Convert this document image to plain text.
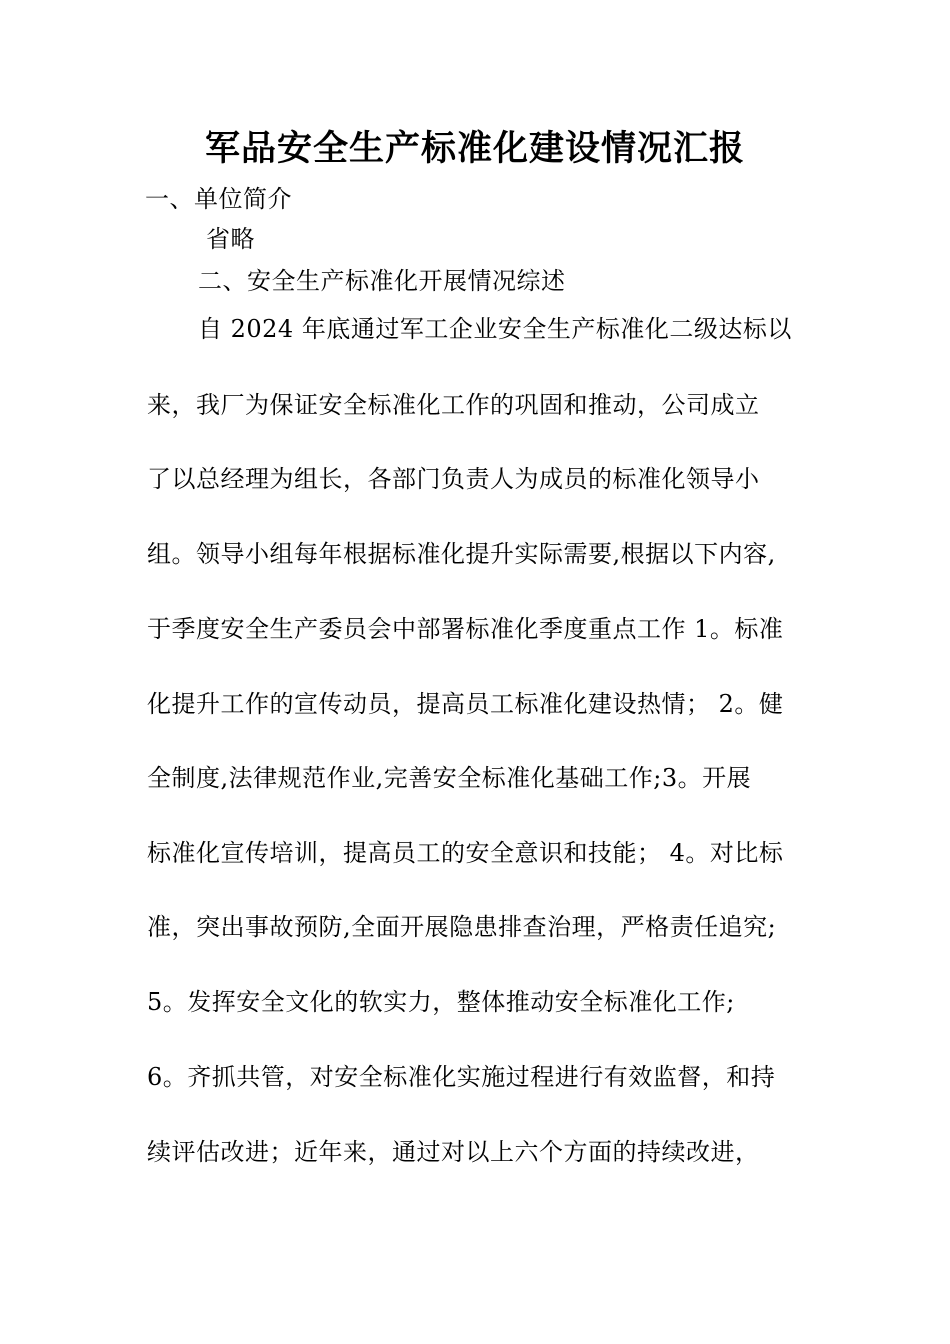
军品安全生产标准化建设情况汇报

一、单位简介

省略

二、安全生产标准化开展情况综述

自 2024 年底通过军工企业安全生产标准化二级达标以

来，我厂为保证安全标准化工作的巩固和推动，公司成立

了以总经理为组长，各部门负责人为成员的标准化领导小

组。领导小组每年根据标准化提升实际需要,根据以下内容,

于季度安全生产委员会中部署标准化季度重点工作 1。标准

化提升工作的宣传动员，提高员工标准化建设热情； 2。健

全制度,法律规范作业,完善安全标准化基础工作;3。开展

标准化宣传培训，提高员工的安全意识和技能； 4。对比标

准，突出事故预防,全面开展隐患排查治理，严格责任追究;

5。发挥安全文化的软实力，整体推动安全标准化工作;

6。齐抓共管，对安全标准化实施过程进行有效监督，和持

续评估改进；近年来，通过对以上六个方面的持续改进，
